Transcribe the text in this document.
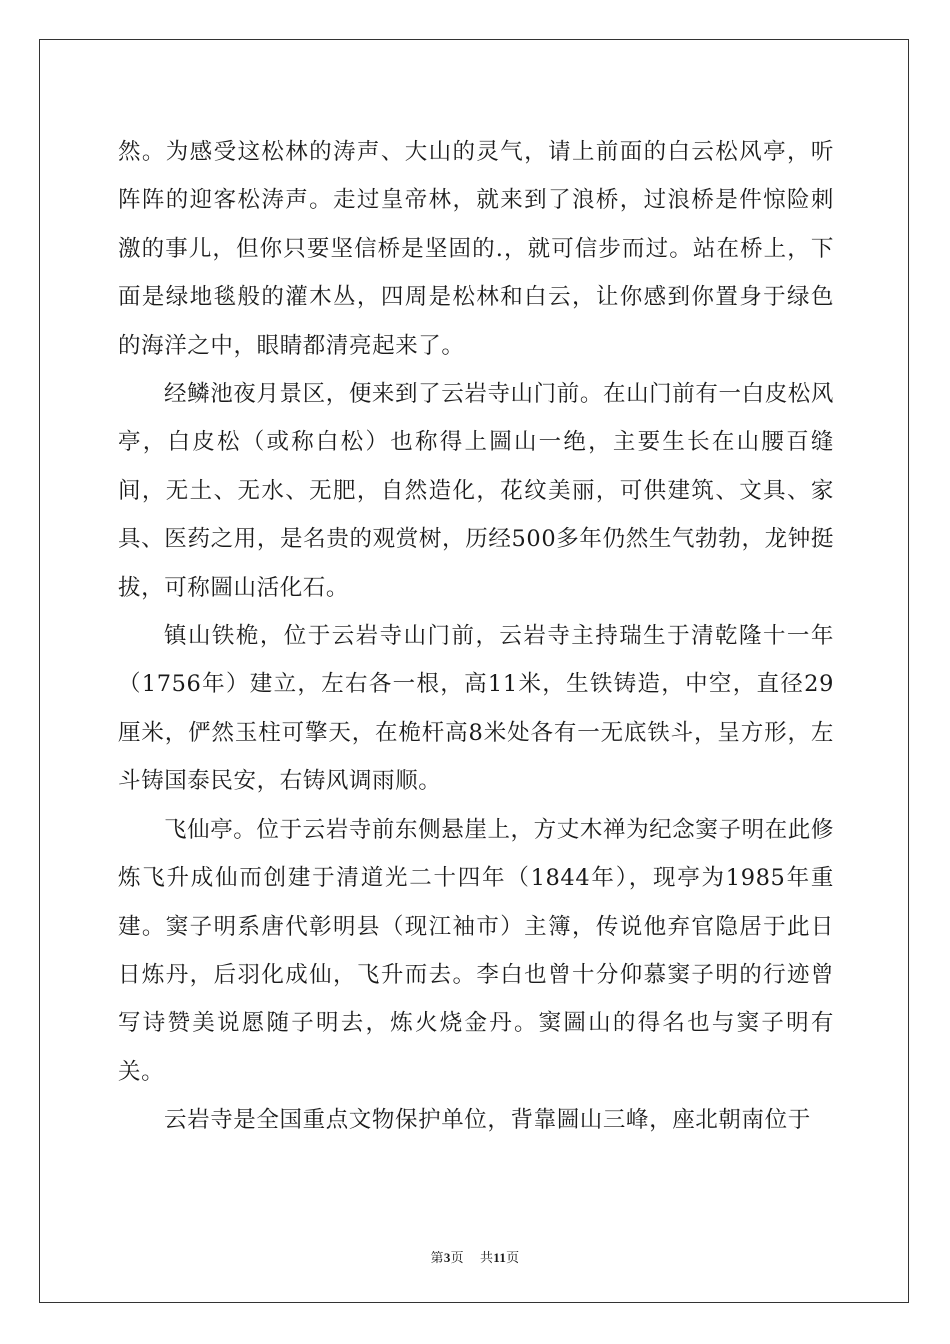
然。为感受这松林的涛声、大山的灵气，请上前面的白云松风亭，听阵阵的迎客松涛声。走过皇帝林，就来到了浪桥，过浪桥是件惊险刺激的事儿，但你只要坚信桥是坚固的.，就可信步而过。站在桥上，下面是绿地毯般的灌木丛，四周是松林和白云，让你感到你置身于绿色的海洋之中，眼睛都清亮起来了。

经鳞池夜月景区，便来到了云岩寺山门前。在山门前有一白皮松风亭，白皮松（或称白松）也称得上圌山一绝，主要生长在山腰百缝间，无土、无水、无肥，自然造化，花纹美丽，可供建筑、文具、家具、医药之用，是名贵的观赏树，历经500多年仍然生气勃勃，龙钟挺拔，可称圌山活化石。

镇山铁桅，位于云岩寺山门前，云岩寺主持瑞生于清乾隆十一年（1756年）建立，左右各一根，高11米，生铁铸造，中空，直径29厘米，俨然玉柱可擎天，在桅杆高8米处各有一无底铁斗，呈方形，左斗铸国泰民安，右铸风调雨顺。

飞仙亭。位于云岩寺前东侧悬崖上，方丈木禅为纪念窦子明在此修炼飞升成仙而创建于清道光二十四年（1844年），现亭为1985年重建。窦子明系唐代彰明县（现江袖市）主簿，传说他弃官隐居于此日日炼丹，后羽化成仙，飞升而去。李白也曾十分仰慕窦子明的行迹曾写诗赞美说愿随子明去，炼火烧金丹。窦圌山的得名也与窦子明有关。

云岩寺是全国重点文物保护单位，背靠圌山三峰，座北朝南位于

第3页 共11页
